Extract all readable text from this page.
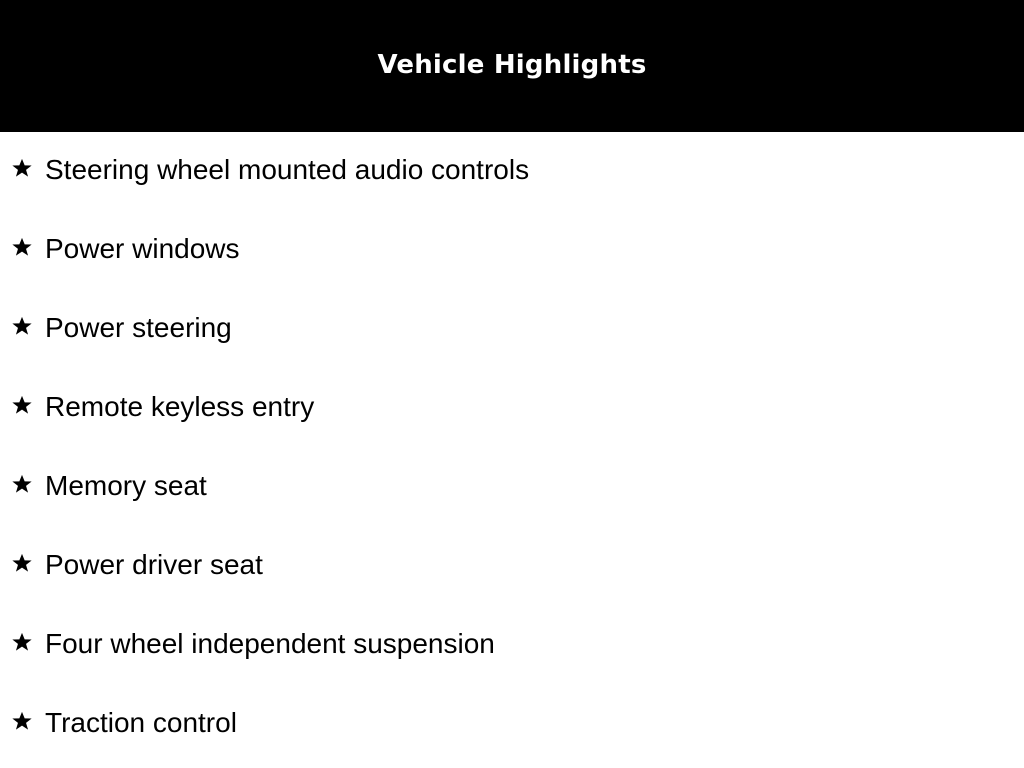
Vehicle Highlights
Steering wheel mounted audio controls
Power windows
Power steering
Remote keyless entry
Memory seat
Power driver seat
Four wheel independent suspension
Traction control
